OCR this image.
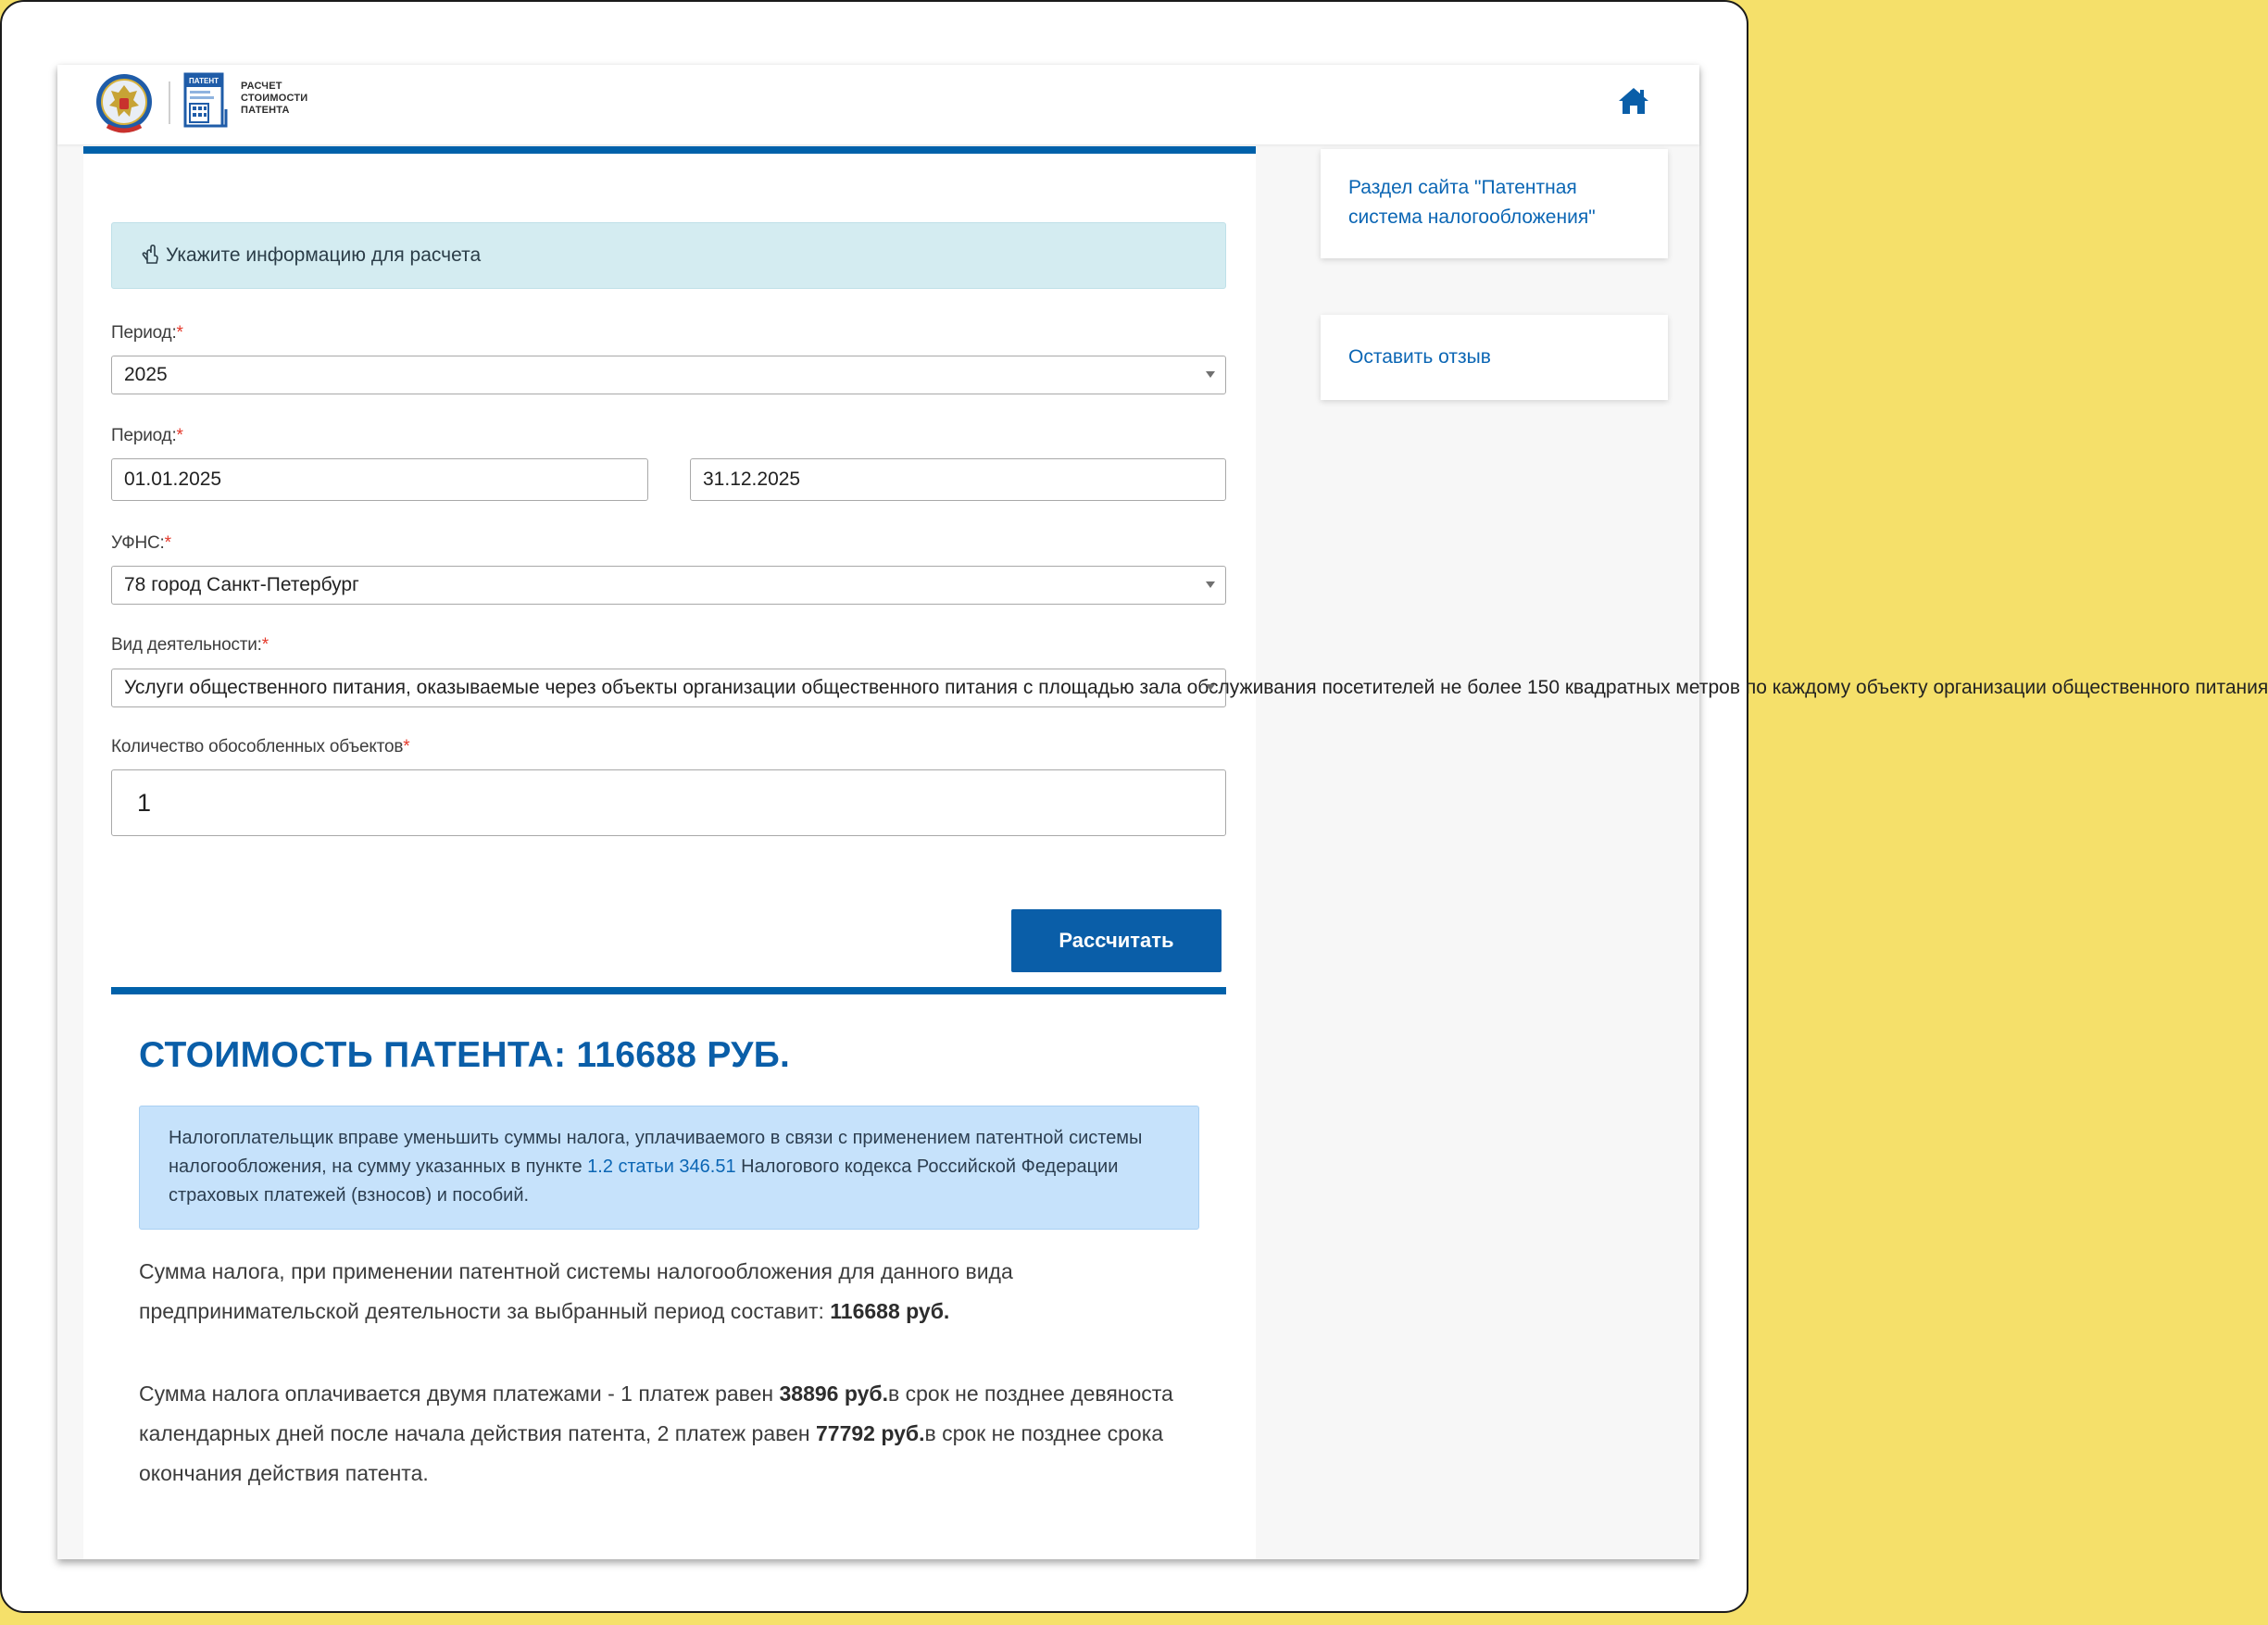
ПАТЕНТ РАСЧЕТ
СТОИМОСТИ
ПАТЕНТА
Укажите информацию для расчета
Период:*
2025
Период:*
01.01.2025	31.12.2025
УФНС:*
78 город Санкт-Петербург
Вид деятельности:*
Услуги общественного питания, оказываемые через объекты организации общественного питания с площадью зала обслуживания посетителей не более 150 квадратных метров по каждому объекту организации общественного питания
Количество обособленных объектов*
1
Рассчитать
СТОИМОСТЬ ПАТЕНТА: 116688 РУБ.
Налогоплательщик вправе уменьшить суммы налога, уплачиваемого в связи с применением патентной системы налогообложения, на сумму указанных в пункте 1.2 статьи 346.51 Налогового кодекса Российской Федерации страховых платежей (взносов) и пособий.
Сумма налога, при применении патентной системы налогообложения для данного вида предпринимательской деятельности за выбранный период составит: 116688 руб.
Сумма налога оплачивается двумя платежами - 1 платеж равен 38896 руб.в срок не позднее девяноста календарных дней после начала действия патента, 2 платеж равен 77792 руб.в срок не позднее срока окончания действия патента.
Раздел сайта "Патентная система налогообложения"
Оставить отзыв
